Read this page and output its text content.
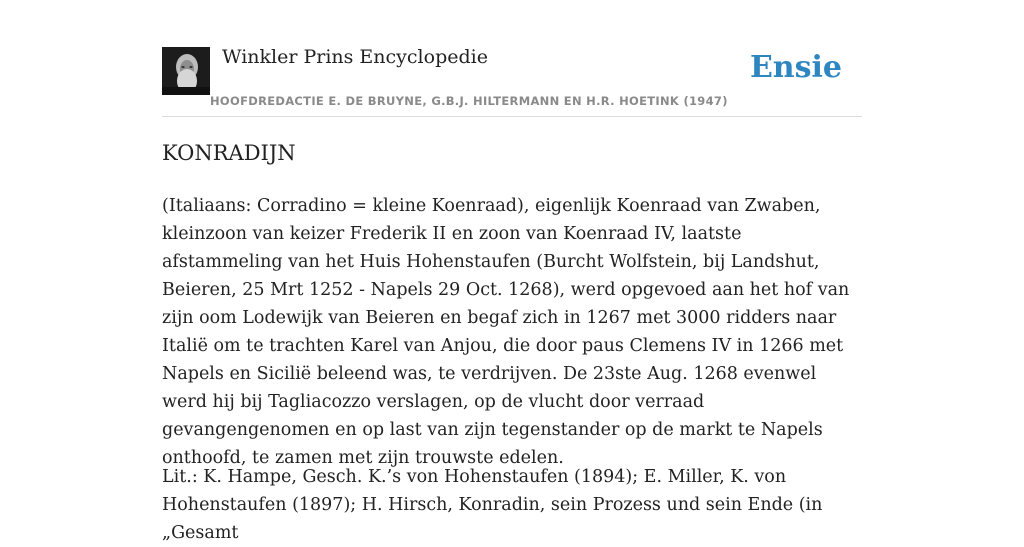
Winkler Prins Encyclopedie
HOOFDREDACTIE E. DE BRUYNE, G.B.J. HILTERMANN EN H.R. HOETINK (1947)
Ensie
KONRADIJN

(Italiaans: Corradino = kleine Koenraad), eigenlijk Koenraad van Zwaben, kleinzoon van keizer Frederik II en zoon van Koenraad IV, laatste afstammeling van het Huis Hohenstaufen (Burcht Wolfstein, bij Landshut, Beieren, 25 Mrt 1252 - Napels 29 Oct. 1268), werd opgevoed aan het hof van zijn oom Lodewijk van Beieren en begaf zich in 1267 met 3000 ridders naar Italië om te trachten Karel van Anjou, die door paus Clemens IV in 1266 met Napels en Sicilië beleend was, te verdrijven. De 23ste Aug. 1268 evenwel werd hij bij Tagliacozzo verslagen, op de vlucht door verraad gevangengenomen en op last van zijn tegenstander op de markt te Napels onthoofd, te zamen met zijn trouwste edelen.

Lit.: K. Hampe, Gesch. K.’s von Hohenstaufen (1894); E. Miller, K. von Hohenstaufen (1897); H. Hirsch, Konradin, sein Prozess und sein Ende (in „Gesamt
